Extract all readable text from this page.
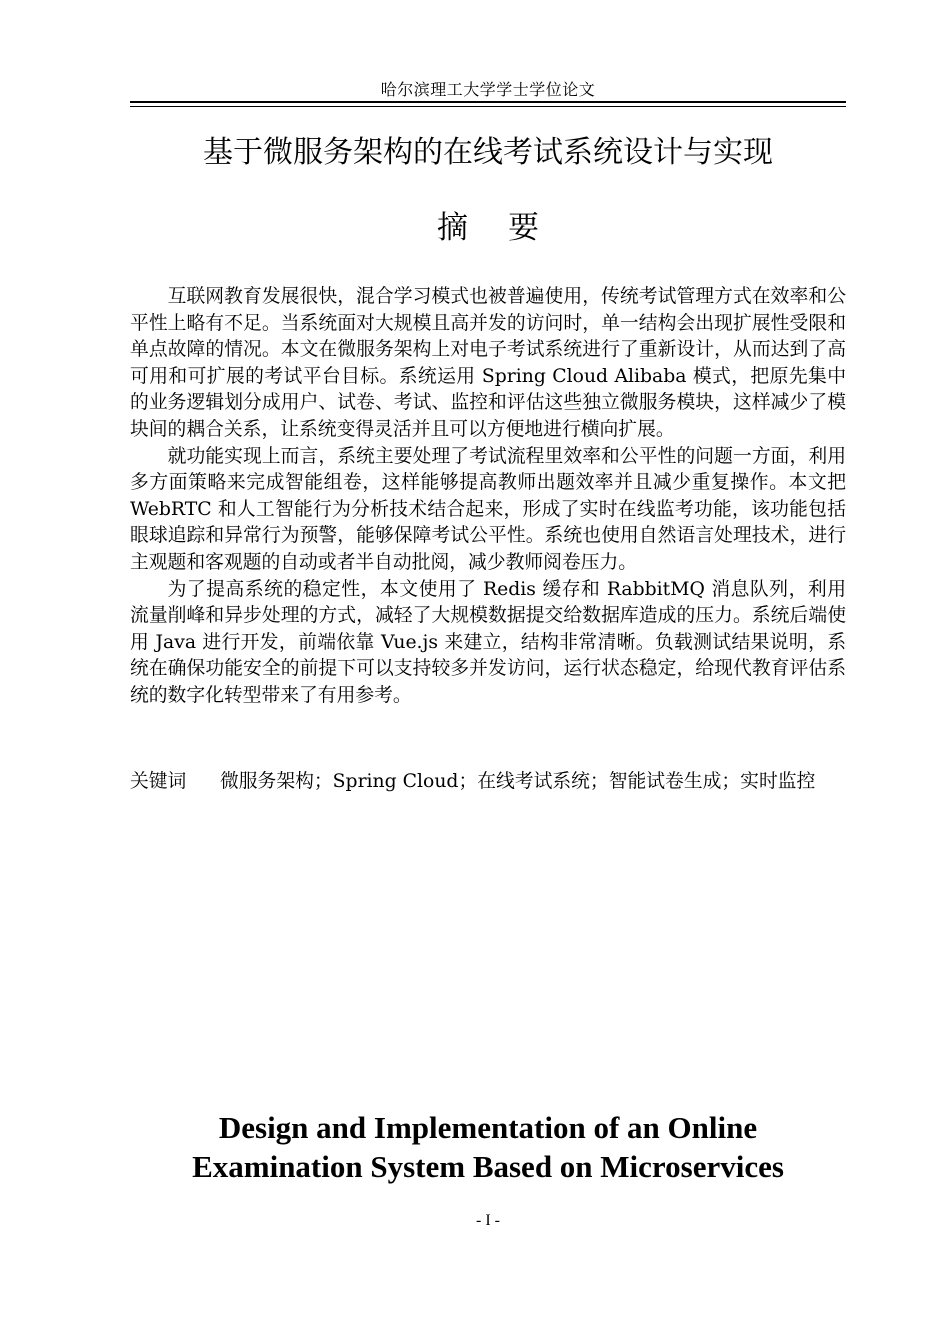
哈尔滨理工大学学士学位论文
基于微服务架构的在线考试系统设计与实现
摘要

互联网教育发展很快，混合学习模式也被普遍使用，传统考试管理方式在效率和公平性上略有不足。当系统面对大规模且高并发的访问时，单一结构会出现扩展性受限和单点故障的情况。本文在微服务架构上对电子考试系统进行了重新设计，从而达到了高可用和可扩展的考试平台目标。系统运用 Spring Cloud Alibaba 模式，把原先集中的业务逻辑划分成用户、试卷、考试、监控和评估这些独立微服务模块，这样减少了模块间的耦合关系，让系统变得灵活并且可以方便地进行横向扩展。

就功能实现上而言，系统主要处理了考试流程里效率和公平性的问题一方面，利用多方面策略来完成智能组卷，这样能够提高教师出题效率并且减少重复操作。本文把 WebRTC 和人工智能行为分析技术结合起来，形成了实时在线监考功能，该功能包括眼球追踪和异常行为预警，能够保障考试公平性。系统也使用自然语言处理技术，进行主观题和客观题的自动或者半自动批阅，减少教师阅卷压力。

为了提高系统的稳定性，本文使用了 Redis 缓存和 RabbitMQ 消息队列，利用流量削峰和异步处理的方式，减轻了大规模数据提交给数据库造成的压力。系统后端使用 Java 进行开发，前端依靠 Vue.js 来建立，结构非常清晰。负载测试结果说明，系统在确保功能安全的前提下可以支持较多并发访问，运行状态稳定，给现代教育评估系统的数字化转型带来了有用参考。

关键词	微服务架构；Spring Cloud；在线考试系统；智能试卷生成；实时监控
Design and Implementation of an Online
Examination System Based on Microservices
- I -
